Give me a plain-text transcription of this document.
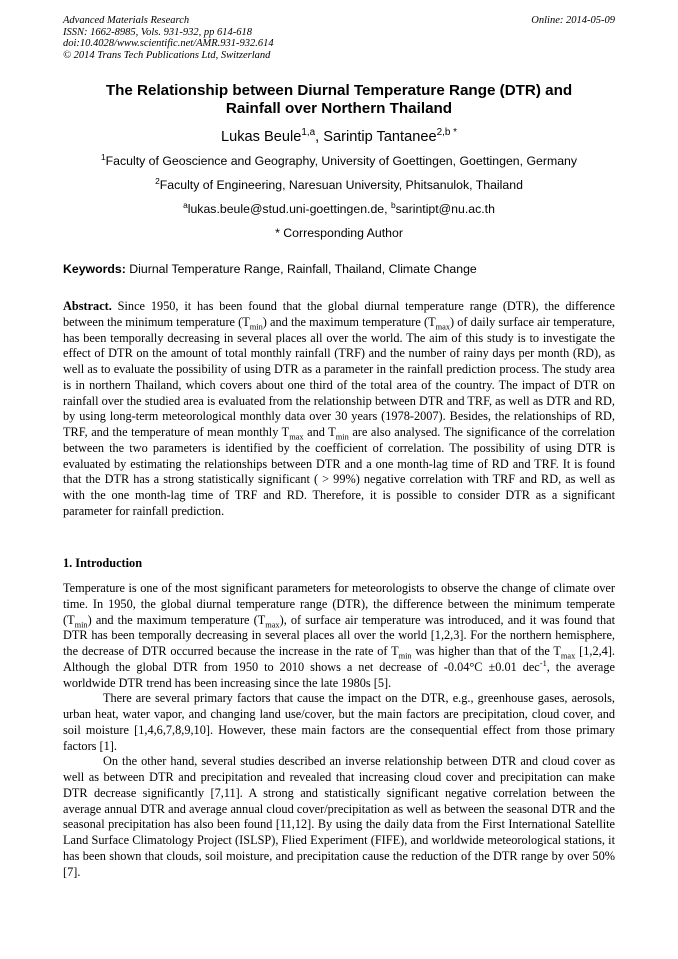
Advanced Materials Research
ISSN: 1662-8985, Vols. 931-932, pp 614-618
doi:10.4028/www.scientific.net/AMR.931-932.614
© 2014 Trans Tech Publications Ltd, Switzerland
Online: 2014-05-09
The Relationship between Diurnal Temperature Range (DTR) and
Rainfall over Northern Thailand
Lukas Beule$^{1,a}$, Sarintip Tantanee$^{2,b *}$
$^1$Faculty of Geoscience and Geography, University of Goettingen, Goettingen, Germany
$^2$Faculty of Engineering, Naresuan University, Phitsanulok, Thailand
$^a$lukas.beule@stud.uni-goettingen.de, $^b$sarintipt@nu.ac.th
* Corresponding Author
Keywords: Diurnal Temperature Range, Rainfall, Thailand, Climate Change
Abstract. Since 1950, it has been found that the global diurnal temperature range (DTR), the difference between the minimum temperature $(T_{min})$ and the maximum temperature $(T_{max})$ of daily surface air temperature, has been temporally decreasing in several places all over the world. The aim of this study is to investigate the effect of DTR on the amount of total monthly rainfall (TRF) and the number of rainy days per month (RD), as well as to evaluate the possibility of using DTR as a parameter in the rainfall prediction process. The study area is in northern Thailand, which covers about one third of the total area of the country. The impact of DTR on rainfall over the studied area is evaluated from the relationship between DTR and TRF, as well as DTR and RD, by using long-term meteorological monthly data over 30 years (1978-2007). Besides, the relationships of RD, TRF, and the temperature of mean monthly $T_{max}$ and $T_{min}$ are also analysed. The significance of the correlation between the two parameters is identified by the coefficient of correlation. The possibility of using DTR is evaluated by estimating the relationships between DTR and a one month-lag time of RD and TRF. It is found that the DTR has a strong statistically significant ( > 99%) negative correlation with TRF and RD, as well as with the one month-lag time of TRF and RD. Therefore, it is possible to consider DTR as a significant parameter for rainfall prediction.
1. Introduction

Temperature is one of the most significant parameters for meteorologists to observe the change of climate over time. In 1950, the global diurnal temperature range (DTR), the difference between the minimum temperate $(T_{min})$ and the maximum temperature $(T_{max})$, of surface air temperature was introduced, and it was found that DTR has been temporally decreasing in several places all over the world [1,2,3]. For the northern hemisphere, the decrease of DTR occurred because the increase in the rate of $T_{min}$ was higher than that of the $T_{max}$ [1,2,4]. Although the global DTR from 1950 to 2010 shows a net decrease of -0.04°C ±0.01 dec$^{-1}$, the average worldwide DTR trend has been increasing since the late 1980s [5].

There are several primary factors that cause the impact on the DTR, e.g., greenhouse gases, aerosols, urban heat, water vapor, and changing land use/cover, but the main factors are precipitation, cloud cover, and soil moisture [1,4,6,7,8,9,10]. However, these main factors are the consequential effect from those primary factors [1].

On the other hand, several studies described an inverse relationship between DTR and cloud cover as well as between DTR and precipitation and revealed that increasing cloud cover and precipitation can make DTR decrease significantly [7,11]. A strong and statistically significant negative correlation between the average annual DTR and average annual cloud cover/precipitation as well as between the seasonal DTR and the seasonal precipitation has also been found [11,12]. By using the daily data from the First International Satellite Land Surface Climatology Project (ISLSP), Flied Experiment (FIFE), and worldwide meteorological stations, it has been shown that clouds, soil moisture, and precipitation cause the reduction of the DTR range by over 50% [7].
